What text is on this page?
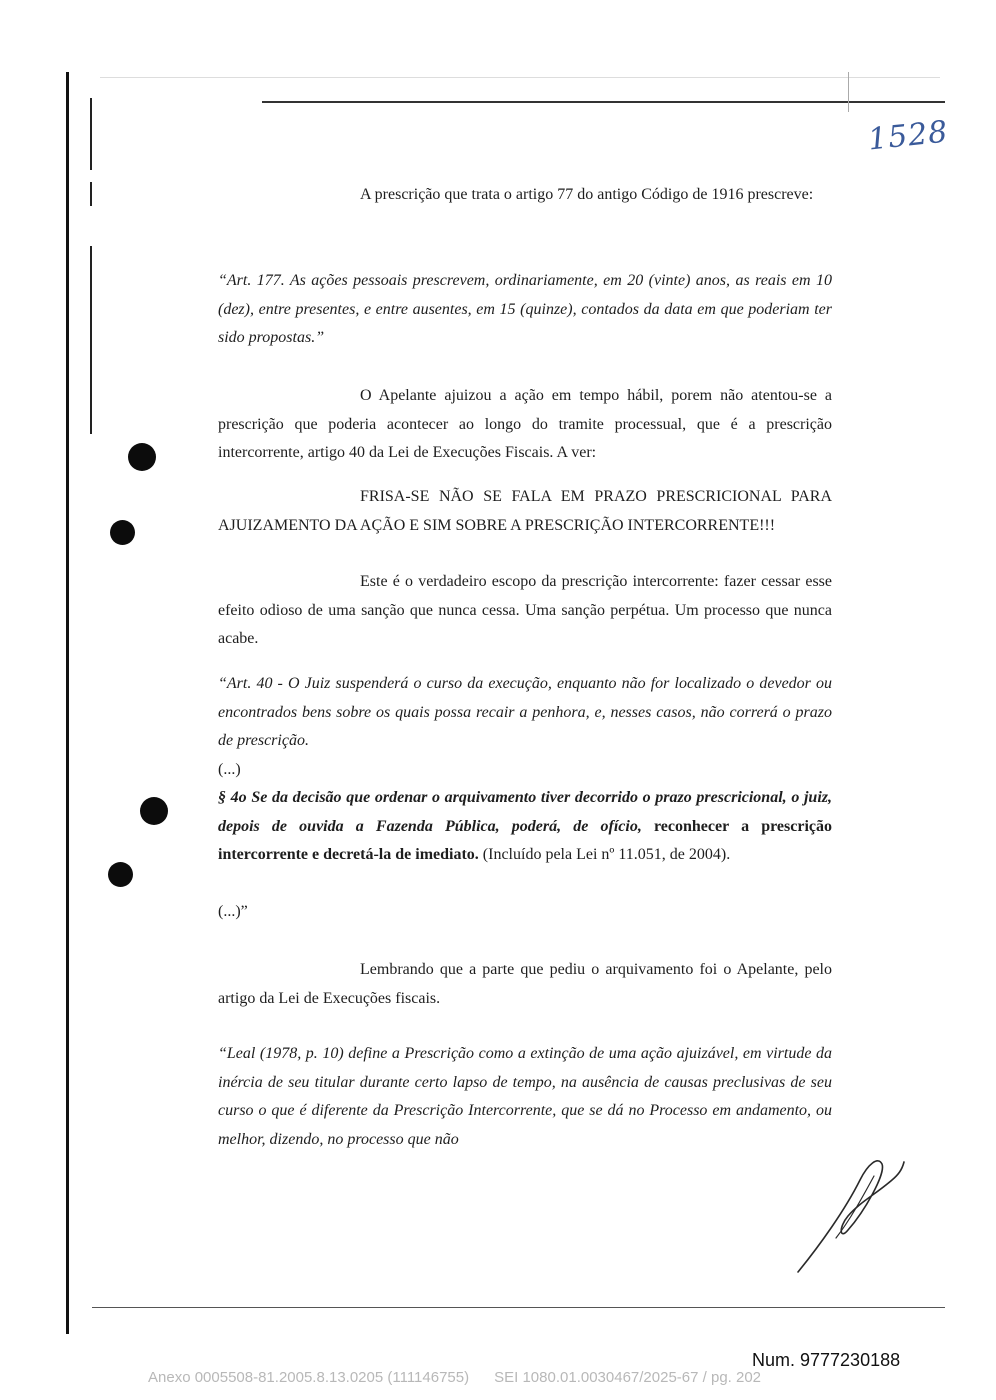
1528

A prescrição que trata o artigo 77 do antigo Código de 1916 prescreve:

“Art. 177. As ações pessoais prescrevem, ordinariamente, em 20 (vinte) anos, as reais em 10 (dez), entre presentes, e entre ausentes, em 15 (quinze), contados da data em que poderiam ter sido propostas.”

O Apelante ajuizou a ação em tempo hábil, porem não atentou-se a prescrição que poderia acontecer ao longo do tramite processual, que é a prescrição intercorrente, artigo 40 da Lei de Execuções Fiscais. A ver:

FRISA-SE NÃO SE FALA EM PRAZO PRESCRICIONAL PARA AJUIZAMENTO DA AÇÃO E SIM SOBRE A PRESCRIÇÃO INTERCORRENTE!!!

Este é o verdadeiro escopo da prescrição intercorrente: fazer cessar esse efeito odioso de uma sanção que nunca cessa. Uma sanção perpétua. Um processo que nunca acabe.

“Art. 40 - O Juiz suspenderá o curso da execução, enquanto não for localizado o devedor ou encontrados bens sobre os quais possa recair a penhora, e, nesses casos, não correrá o prazo de prescrição.

(...)

§ 4o Se da decisão que ordenar o arquivamento tiver decorrido o prazo prescricional, o juiz, depois de ouvida a Fazenda Pública, poderá, de ofício, reconhecer a prescrição intercorrente e decretá-la de imediato. (Incluído pela Lei nº 11.051, de 2004).

(...)”

Lembrando que a parte que pediu o arquivamento foi o Apelante, pelo artigo da Lei de Execuções fiscais.

“Leal (1978, p. 10) define a Prescrição como a extinção de uma ação ajuizável, em virtude da inércia de seu titular durante certo lapso de tempo, na ausência de causas preclusivas de seu curso o que é diferente da Prescrição Intercorrente, que se dá no Processo em andamento, ou melhor, dizendo, no processo que não

Num. 9777230188
Anexo 0005508-81.2005.8.13.0205 (111146755) SEI 1080.01.0030467/2025-67 / pg. 202
